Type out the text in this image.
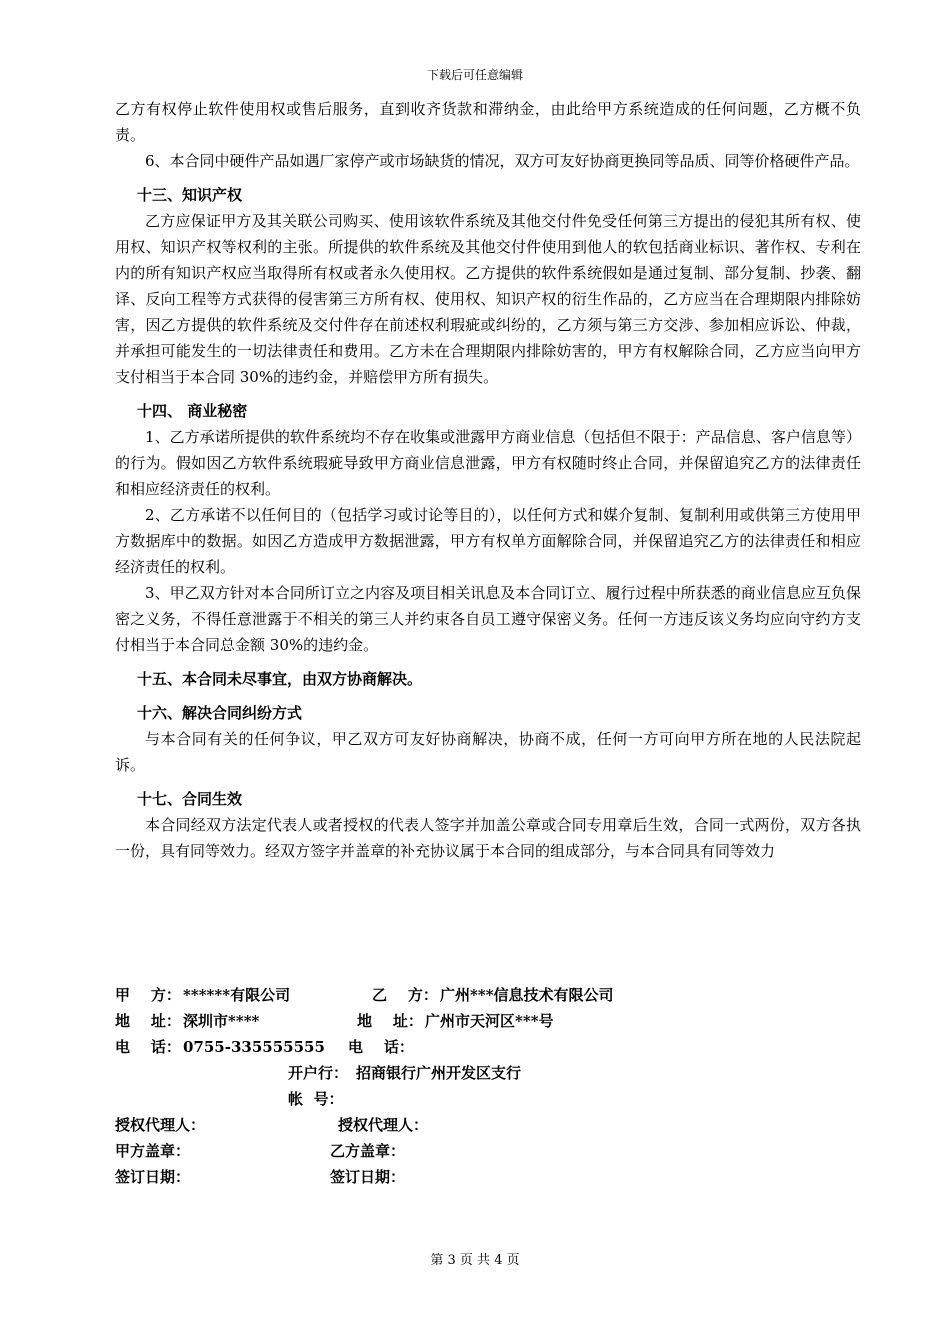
下载后可任意编辑

乙方有权停止软件使用权或售后服务，直到收齐货款和滞纳金，由此给甲方系统造成的任何问题，乙方概不负责。

6、本合同中硬件产品如遇厂家停产或市场缺货的情况，双方可友好协商更换同等品质、同等价格硬件产品。

十三、知识产权

乙方应保证甲方及其关联公司购买、使用该软件系统及其他交付件免受任何第三方提出的侵犯其所有权、使用权、知识产权等权利的主张。所提供的软件系统及其他交付件使用到他人的软包括商业标识、著作权、专利在内的所有知识产权应当取得所有权或者永久使用权。乙方提供的软件系统假如是通过复制、部分复制、抄袭、翻译、反向工程等方式获得的侵害第三方所有权、使用权、知识产权的衍生作品的，乙方应当在合理期限内排除妨害，因乙方提供的软件系统及交付件存在前述权利瑕疵或纠纷的，乙方须与第三方交涉、参加相应诉讼、仲裁，并承担可能发生的一切法律责任和费用。乙方未在合理期限内排除妨害的，甲方有权解除合同，乙方应当向甲方支付相当于本合同 30%的违约金，并赔偿甲方所有损失。

十四、 商业秘密

1、乙方承诺所提供的软件系统均不存在收集或泄露甲方商业信息（包括但不限于：产品信息、客户信息等）的行为。假如因乙方软件系统瑕疵导致甲方商业信息泄露，甲方有权随时终止合同，并保留追究乙方的法律责任和相应经济责任的权利。

2、乙方承诺不以任何目的（包括学习或讨论等目的），以任何方式和媒介复制、复制利用或供第三方使用甲方数据库中的数据。如因乙方造成甲方数据泄露，甲方有权单方面解除合同，并保留追究乙方的法律责任和相应经济责任的权利。

3、甲乙双方针对本合同所订立之内容及项目相关讯息及本合同订立、履行过程中所获悉的商业信息应互负保密之义务，不得任意泄露于不相关的第三人并约束各自员工遵守保密义务。任何一方违反该义务均应向守约方支付相当于本合同总金额 30%的违约金。

十五、本合同未尽事宜，由双方协商解决。

十六、解决合同纠纷方式

与本合同有关的任何争议，甲乙双方可友好协商解决，协商不成，任何一方可向甲方所在地的人民法院起诉。

十七、合同生效

本合同经双方法定代表人或者授权的代表人签字并加盖公章或合同专用章后生效，合同一式两份，双方各执一份，具有同等效力。经双方签字并盖章的补充协议属于本合同的组成部分，与本合同具有同等效力

甲    方： ******有限公司	乙    方： 广州***信息技术有限公司
地    址： 深圳市****	地    址： 广州市天河区***号
电    话： 0755-335555555 电    话：
开户行： 招商银行广州开发区支行
帐  号：
授权代理人：	授权代理人：
甲方盖章：	乙方盖章：
签订日期：	签订日期：
第 3 页 共 4 页
